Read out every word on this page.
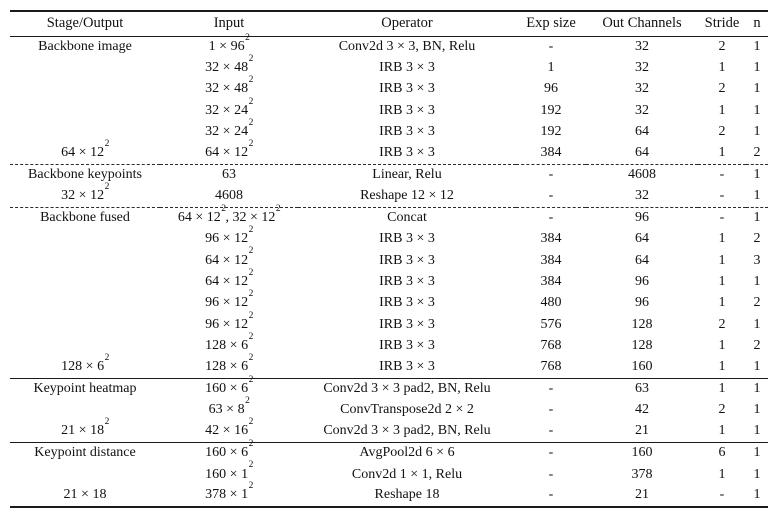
Stage/Output	Input	Operator	Exp size	Out Channels	Stride	n
Backbone image	$1 \times 96^2$	Conv2d 3 × 3, BN, Relu	-	32	2	1
	$32 \times 48^2$	IRB 3 × 3	1	32	1	1
	$32 \times 48^2$	IRB 3 × 3	96	32	2	1
	$32 \times 24^2$	IRB 3 × 3	192	32	1	1
	$32 \times 24^2$	IRB 3 × 3	192	64	2	1
$64 \times 12^2$	$64 \times 12^2$	IRB 3 × 3	384	64	1	2
Backbone keypoints	63	Linear, Relu	-	4608	-	1
$32 \times 12^2$	4608	Reshape 12 × 12	-	32	-	1
Backbone fused	$64 \times 12^2$, $32 \times 12^2$	Concat	-	96	-	1
	$96 \times 12^2$	IRB 3 × 3	384	64	1	2
	$64 \times 12^2$	IRB 3 × 3	384	64	1	3
	$64 \times 12^2$	IRB 3 × 3	384	96	1	1
	$96 \times 12^2$	IRB 3 × 3	480	96	1	2
	$96 \times 12^2$	IRB 3 × 3	576	128	2	1
	$128 \times 6^2$	IRB 3 × 3	768	128	1	2
$128 \times 6^2$	$128 \times 6^2$	IRB 3 × 3	768	160	1	1
Keypoint heatmap	$160 \times 6^2$	Conv2d 3 × 3 pad2, BN, Relu	-	63	1	1
	$63 \times 8^2$	ConvTranspose2d 2 × 2	-	42	2	1
$21 \times 18^2$	$42 \times 16^2$	Conv2d 3 × 3 pad2, BN, Relu	-	21	1	1
Keypoint distance	$160 \times 6^2$	AvgPool2d 6 × 6	-	160	6	1
	$160 \times 1^2$	Conv2d 1 × 1, Relu	-	378	1	1
21 × 18	$378 \times 1^2$	Reshape 18	-	21	-	1
